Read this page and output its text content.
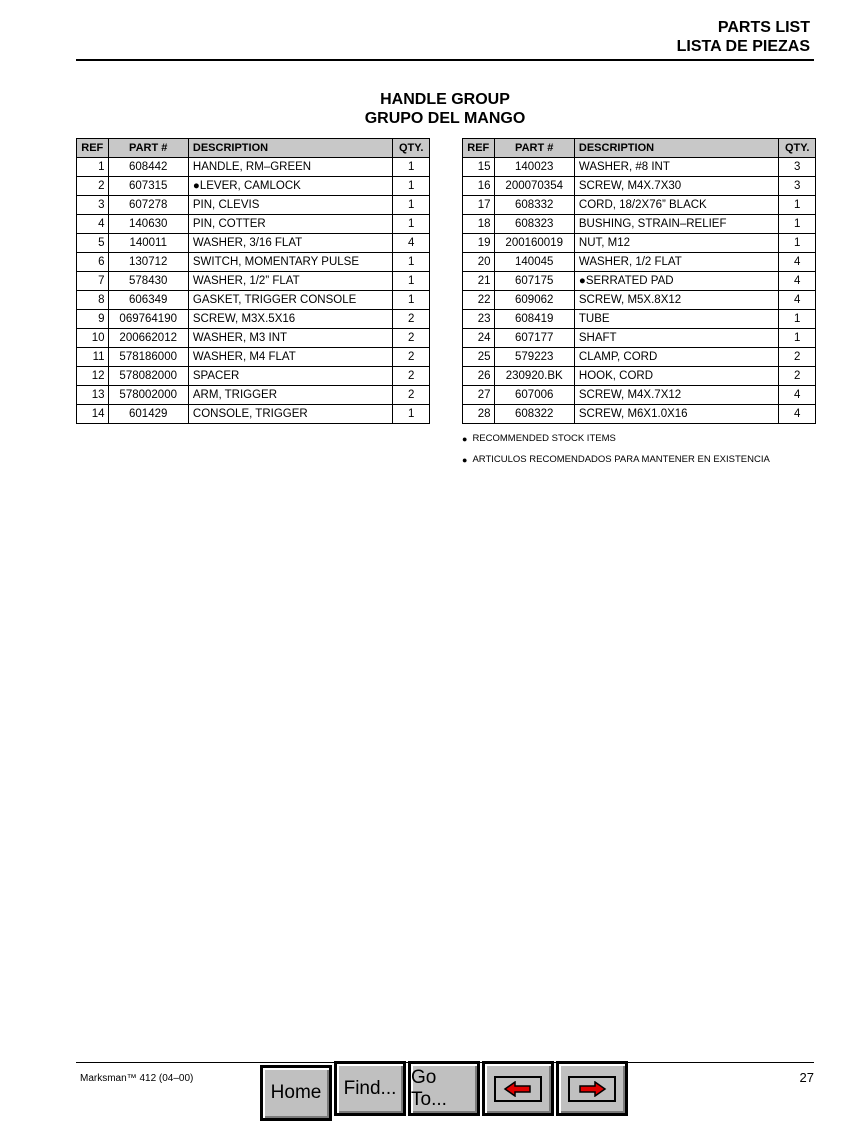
PARTS LIST
LISTA DE PIEZAS
HANDLE GROUP
GRUPO DEL MANGO
REF	PART #	DESCRIPTION	QTY.
1	608442	HANDLE, RM–GREEN	1
2	607315	●LEVER, CAMLOCK	1
3	607278	PIN, CLEVIS	1
4	140630	PIN, COTTER	1
5	140011	WASHER, 3/16 FLAT	4
6	130712	SWITCH, MOMENTARY PULSE	1
7	578430	WASHER, 1/2” FLAT	1
8	606349	GASKET, TRIGGER CONSOLE	1
9	069764190	SCREW, M3X.5X16	2
10	200662012	WASHER, M3 INT	2
11	578186000	WASHER, M4 FLAT	2
12	578082000	SPACER	2
13	578002000	ARM, TRIGGER	2
14	601429	CONSOLE, TRIGGER	1
REF	PART #	DESCRIPTION	QTY.
15	140023	WASHER, #8 INT	3
16	200070354	SCREW, M4X.7X30	3
17	608332	CORD, 18/2X76” BLACK	1
18	608323	BUSHING, STRAIN–RELIEF	1
19	200160019	NUT, M12	1
20	140045	WASHER, 1/2 FLAT	4
21	607175	●SERRATED PAD	4
22	609062	SCREW, M5X.8X12	4
23	608419	TUBE	1
24	607177	SHAFT	1
25	579223	CLAMP, CORD	2
26	230920.BK	HOOK, CORD	2
27	607006	SCREW, M4X.7X12	4
28	608322	SCREW, M6X1.0X16	4
● RECOMMENDED STOCK ITEMS
● ARTICULOS RECOMENDADOS PARA MANTENER EN EXISTENCIA
Marksman™ 412 (04–00)	27
Home	Find...
Go To...
